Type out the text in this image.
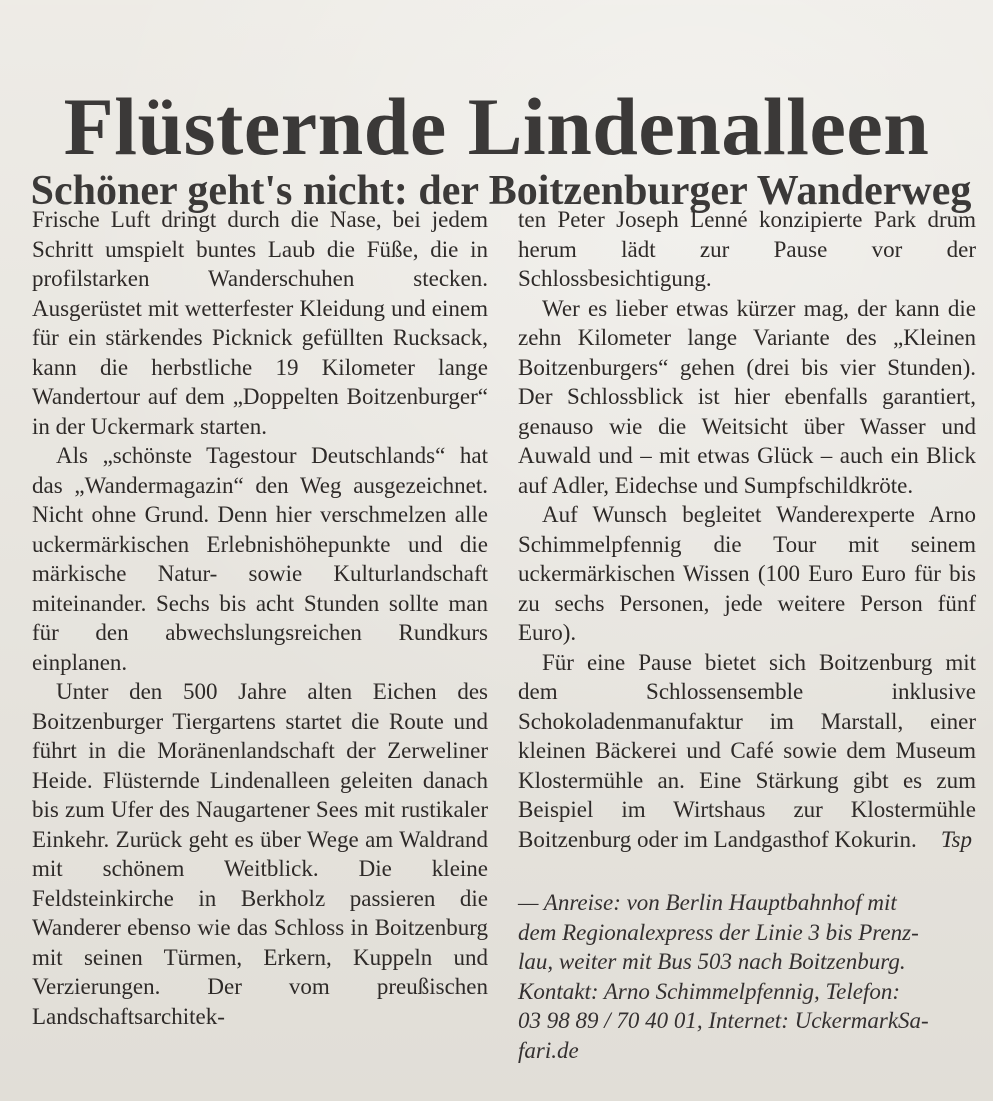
Flüsternde Lindenalleen
Schöner geht's nicht: der Boitzenburger Wanderweg

Frische Luft dringt durch die Nase, bei jedem Schritt umspielt buntes Laub die Füße, die in profilstarken Wanderschuhen stecken. Ausgerüstet mit wetterfester Kleidung und einem für ein stärkendes Picknick gefüllten Rucksack, kann die herbstliche 19 Kilometer lange Wandertour auf dem „Doppelten Boitzenburger“ in der Uckermark starten.

Als „schönste Tagestour Deutschlands“ hat das „Wandermagazin“ den Weg ausgezeichnet. Nicht ohne Grund. Denn hier verschmelzen alle uckermärkischen Erlebnishöhepunkte und die märkische Natur- sowie Kulturlandschaft miteinander. Sechs bis acht Stunden sollte man für den abwechslungsreichen Rundkurs einplanen.

Unter den 500 Jahre alten Eichen des Boitzenburger Tiergartens startet die Route und führt in die Moränenlandschaft der Zerweliner Heide. Flüsternde Lindenalleen geleiten danach bis zum Ufer des Naugartener Sees mit rustikaler Einkehr. Zurück geht es über Wege am Waldrand mit schönem Weitblick. Die kleine Feldsteinkirche in Berkholz passieren die Wanderer ebenso wie das Schloss in Boitzenburg mit seinen Türmen, Erkern, Kuppeln und Verzierungen. Der vom preußischen Landschaftsarchitek-

ten Peter Joseph Lenné konzipierte Park drum herum lädt zur Pause vor der Schlossbesichtigung.

Wer es lieber etwas kürzer mag, der kann die zehn Kilometer lange Variante des „Kleinen Boitzenburgers“ gehen (drei bis vier Stunden). Der Schlossblick ist hier ebenfalls garantiert, genauso wie die Weitsicht über Wasser und Auwald und – mit etwas Glück – auch ein Blick auf Adler, Eidechse und Sumpfschildkröte.

Auf Wunsch begleitet Wanderexperte Arno Schimmelpfennig die Tour mit seinem uckermärkischen Wissen (100 Euro Euro für bis zu sechs Personen, jede weitere Person fünf Euro).

Für eine Pause bietet sich Boitzenburg mit dem Schlossensemble inklusive Schokoladenmanufaktur im Marstall, einer kleinen Bäckerei und Café sowie dem Museum Klostermühle an. Eine Stärkung gibt es zum Beispiel im Wirtshaus zur Klostermühle Boitzenburg oder im Landgasthof Kokurin.	Tsp
— Anreise: von Berlin Hauptbahnhof mit
dem Regionalexpress der Linie 3 bis Prenz-
lau, weiter mit Bus 503 nach Boitzenburg.
Kontakt: Arno Schimmelpfennig, Telefon:
03 98 89 / 70 40 01, Internet: UckermarkSa-
fari.de
